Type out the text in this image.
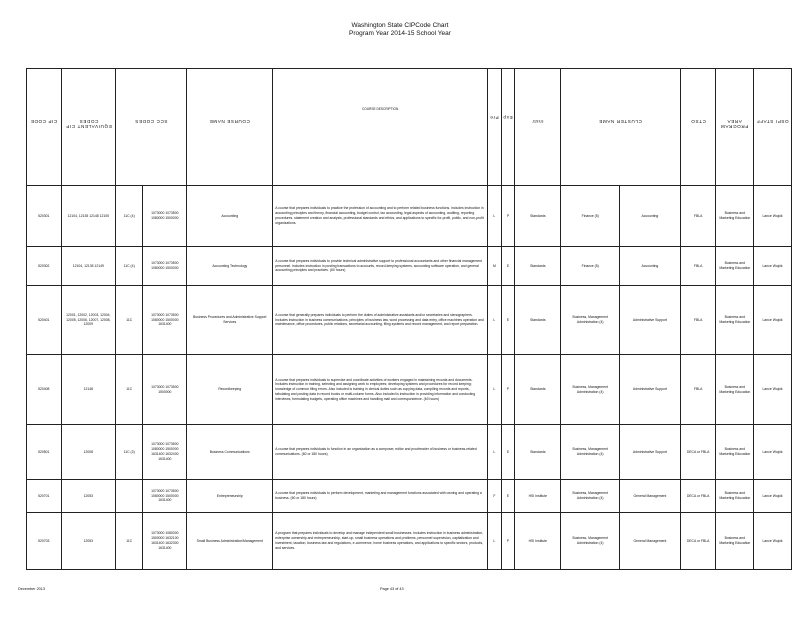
Washington State CIPCode Chart
Program Year 2014-15 School Year
CIP CODE	EQUIVALENT CIP CODES	SCC CODES		COURSE NAME	COURSE DESCRIPTION	Pre	Exp	Instr	CLUSTER NAME		CTSO	PROGRAM AREA	OSPI STAFF

520301	12104, 12135 12148 12105	11C (4)	1073000 1073500 1080000 1500000	Accounting	A course that prepares individuals to practice the profession of accounting and to perform related business functions. Includes instruction in accounting principles and theory, financial accounting, budget control, tax accounting, legal aspects of accounting, auditing, reporting procedures, statement creation and analysis, professional standards and ethics, and applications to specific for-profit, public, and non-profit organizations.	L	P	Standards	Finance (5)	Accounting	FBLA	Business and Marketing Education	Lance Wojcik
520302	12104, 12135 12149	11C (4)	1073000 1073500 1080000 1500000	Accounting Technology	A course that prepares individuals to provide technical administrative support to professional accountants and other financial management personnel. Includes instruction in posting transactions to accounts, record-keeping systems, accounting software operation, and general accounting principles and practices. (60 hours)	M	E	Standards	Finance (5)	Accounting	FBLA	Business and Marketing Education	Lance Wojcik
520401	12001, 12002, 12003, 12004, 12005, 12006, 12007, 12008, 12009	11C	1073000 1073500 1080000 1500000 1631400	Business Procedures and Administrative Support Services	A course that generally prepares individuals to perform the duties of administrative assistants and/or secretaries and stenographers. Includes instruction in business communications, principles of business law, word processing and data entry, office machines operation and maintenance, office procedures, public relations, secretarial accounting, filing systems and record management, and report preparation.	L	E	Standards	Business, Management Administration (4)	Administrative Support	FBLA	Business and Marketing Education	Lance Wojcik
520408	12148	11C	1073000 1073500 1500000	Recordkeeping	A course that prepares individuals to supervise and coordinate activities of workers engaged in maintaining records and documents. Includes instruction in training, selecting and assigning work to employees; developing systems and procedures for record keeping; knowledge of common filing errors. Also included is training in clerical duties such as copying data, compiling records and reports, tabulating and posting data in record books or multi-column forms. Also included is instruction in providing information and conducting interviews, formulating budgets, operating office machines and handling mail and correspondence. (60 hours)	L	P	Standards	Business, Management Administration (4)	Administrative Support	FBLA	Business and Marketing Education	Lance Wojcik
520501	12008	11C (3)	1073000 1073500 1080000 1500000 1631400 1632400 1631400	Business Communications	A course that prepares individuals to function in an organization as a composer, editor and proofreader of business or business-related communications. (60 or 180 hours)	L	E	Standards	Business, Management Administration (4)	Administrative Support	DECA or FBLA	Business and Marketing Education	Lance Wojcik
520701	12053		1073000 1073500 1080000 1500000 1631400	Entrepreneurship	A course that prepares individuals to perform development, marketing and management functions associated with owning and operating a business. (60 or 180 hours)	F	E	HSI Institute	Business, Management Administration (4)	General Management	DECA or FBLA	Business and Marketing Education	Lance Wojcik
520703	12053	11C	1073000 1080000 1500000 1632100 1631400 1632300 1631400	Small Business Administration/Management	A program that prepares individuals to develop and manage independent small businesses. Includes instruction in business administration, enterprise ownership and entrepreneurship, start-up, small business operations and problems, personnel supervision, capitalization and investment, taxation, business law and regulations, e-commerce, home business operations, and applications to specific sectors, products, and services.	L	P	HSI Institute	Business, Management Administration (4)	General Management	DECA or FBLA	Business and Marketing Education	Lance Wojcik
December 2013	Page 43 of 43
